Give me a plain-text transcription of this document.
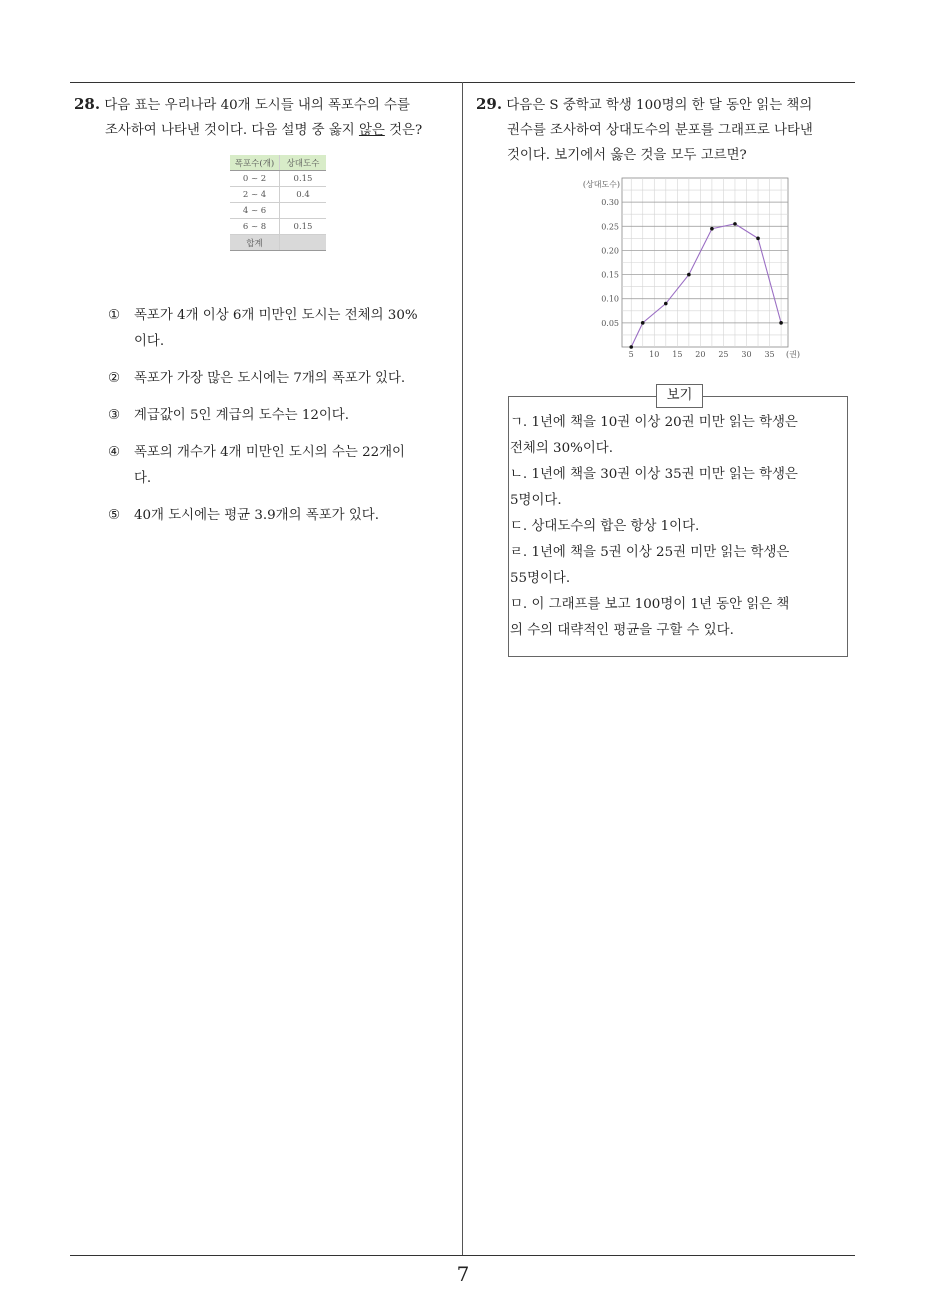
7
28. 다음 표는 우리나라 40개 도시들 내의 폭포수의 수를
조사하여 나타낸 것이다. 다음 설명 중 옳지 않은 것은?
폭포수(개)	상대도수
0 ~ 2	0.15
2 ~ 4	0.4
4 ~ 6	
6 ~ 8	0.15
합계	
① 폭포가 4개 이상 6개 미만인 도시는 전체의 30%
이다.
② 폭포가 가장 많은 도시에는 7개의 폭포가 있다.
③ 계급값이 5인 계급의 도수는 12이다.
④ 폭포의 개수가 4개 미만인 도시의 수는 22개이
다.
⑤ 40개 도시에는 평균 3.9개의 폭포가 있다.
29. 다음은 S 중학교 학생 100명의 한 달 동안 읽는 책의
권수를 조사하여 상대도수의 분포를 그래프로 나타낸
것이다. 보기에서 옳은 것을 모두 고르면?
0.05
0.10
0.15
0.20
0.25
0.30
5 10 15 20 25 30 35
(상대도수)
(권)
보기
ㄱ. 1년에 책을 10권 이상 20권 미만 읽는 학생은
전체의 30%이다.
ㄴ. 1년에 책을 30권 이상 35권 미만 읽는 학생은
5명이다.
ㄷ. 상대도수의 합은 항상 1이다.
ㄹ. 1년에 책을 5권 이상 25권 미만 읽는 학생은
55명이다.
ㅁ. 이 그래프를 보고 100명이 1년 동안 읽은 책
의 수의 대략적인 평균을 구할 수 있다.
